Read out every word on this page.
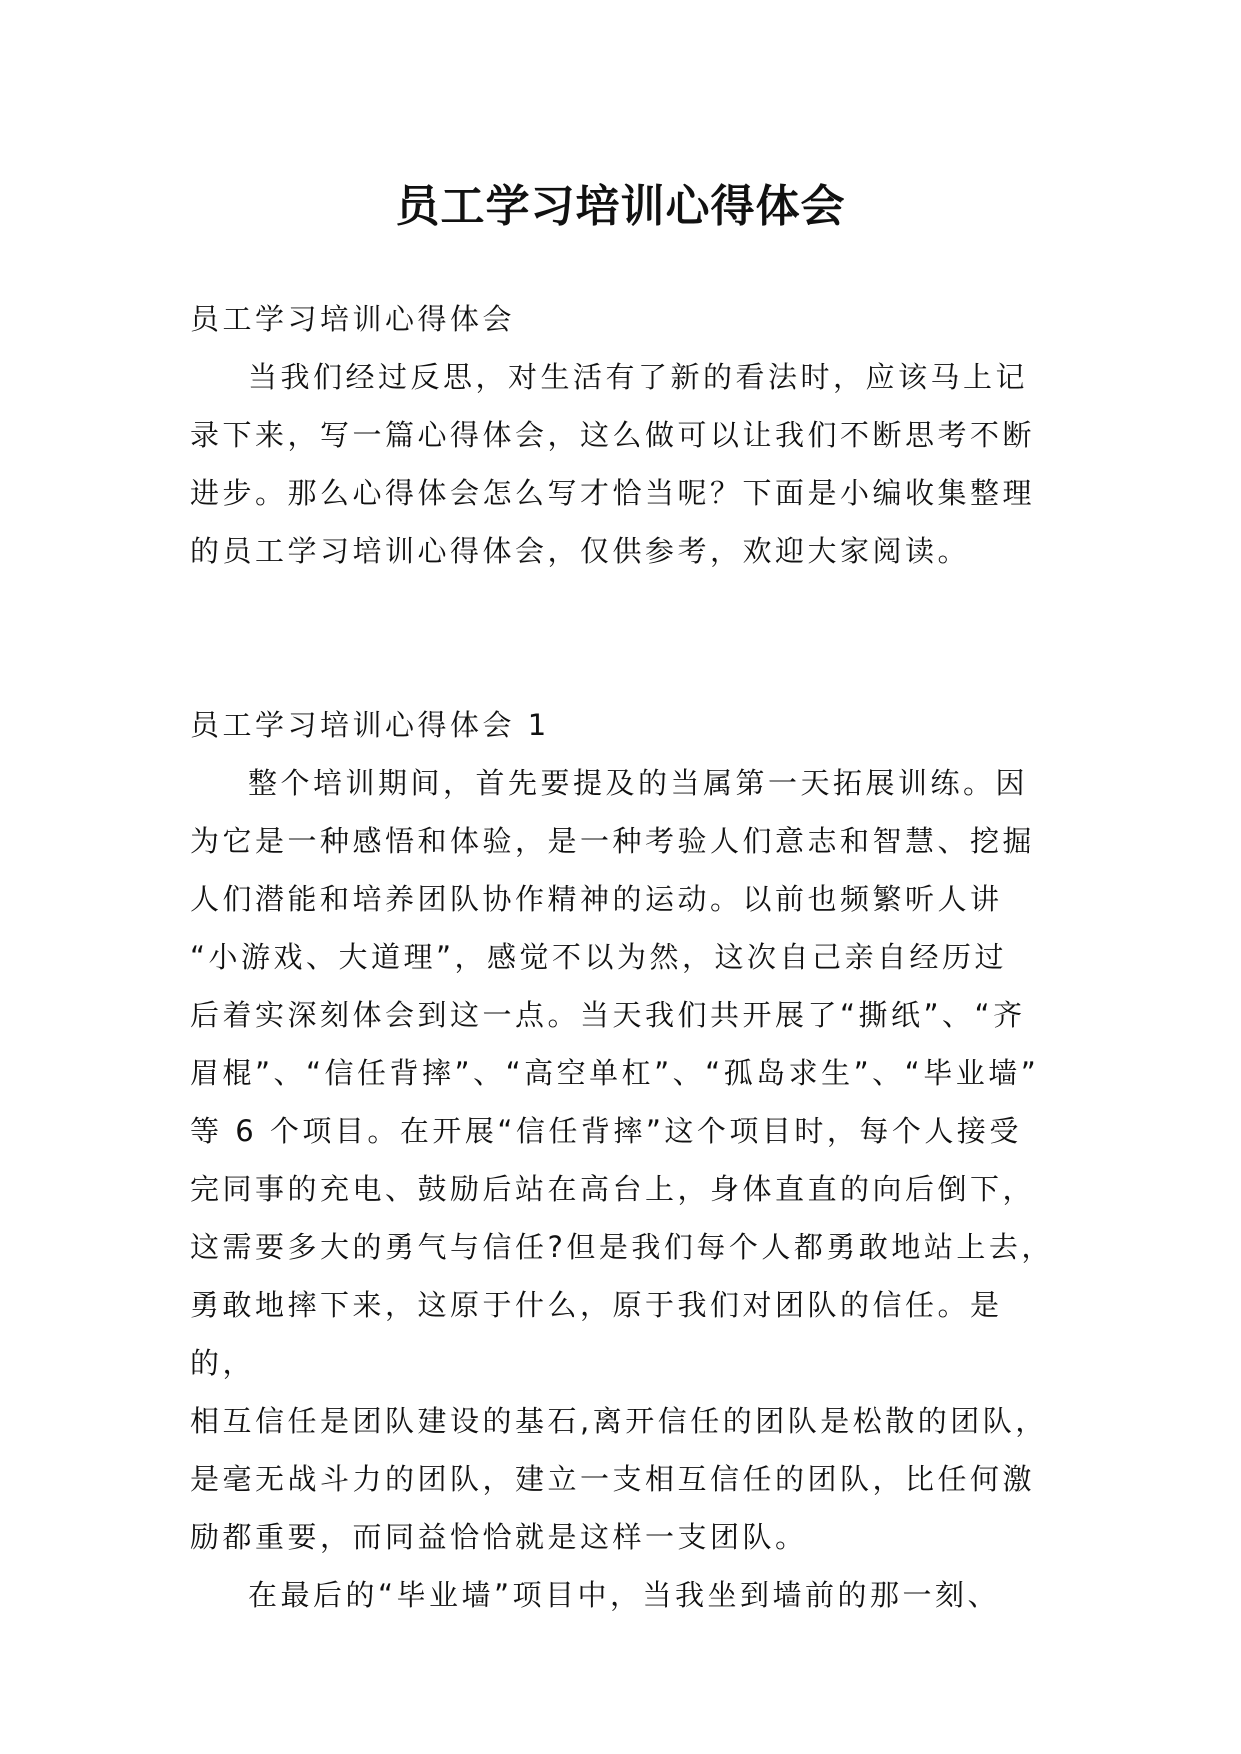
员工学习培训心得体会

员工学习培训心得体会

当我们经过反思，对生活有了新的看法时，应该马上记
录下来，写一篇心得体会，这么做可以让我们不断思考不断
进步。那么心得体会怎么写才恰当呢？下面是小编收集整理
的员工学习培训心得体会，仅供参考，欢迎大家阅读。

员工学习培训心得体会 1

整个培训期间，首先要提及的当属第一天拓展训练。因
为它是一种感悟和体验，是一种考验人们意志和智慧、挖掘
人们潜能和培养团队协作精神的运动。以前也频繁听人讲
“小游戏、大道理”，感觉不以为然，这次自己亲自经历过
后着实深刻体会到这一点。当天我们共开展了“撕纸”、“齐
眉棍”、“信任背摔”、“高空单杠”、“孤岛求生”、“毕业墙”
等 6 个项目。在开展“信任背摔”这个项目时，每个人接受
完同事的充电、鼓励后站在高台上，身体直直的向后倒下，
这需要多大的勇气与信任?但是我们每个人都勇敢地站上去，
勇敢地摔下来，这原于什么，原于我们对团队的信任。是的，
相互信任是团队建设的基石,离开信任的团队是松散的团队，
是毫无战斗力的团队，建立一支相互信任的团队，比任何激
励都重要，而同益恰恰就是这样一支团队。

在最后的“毕业墙”项目中，当我坐到墙前的那一刻、
